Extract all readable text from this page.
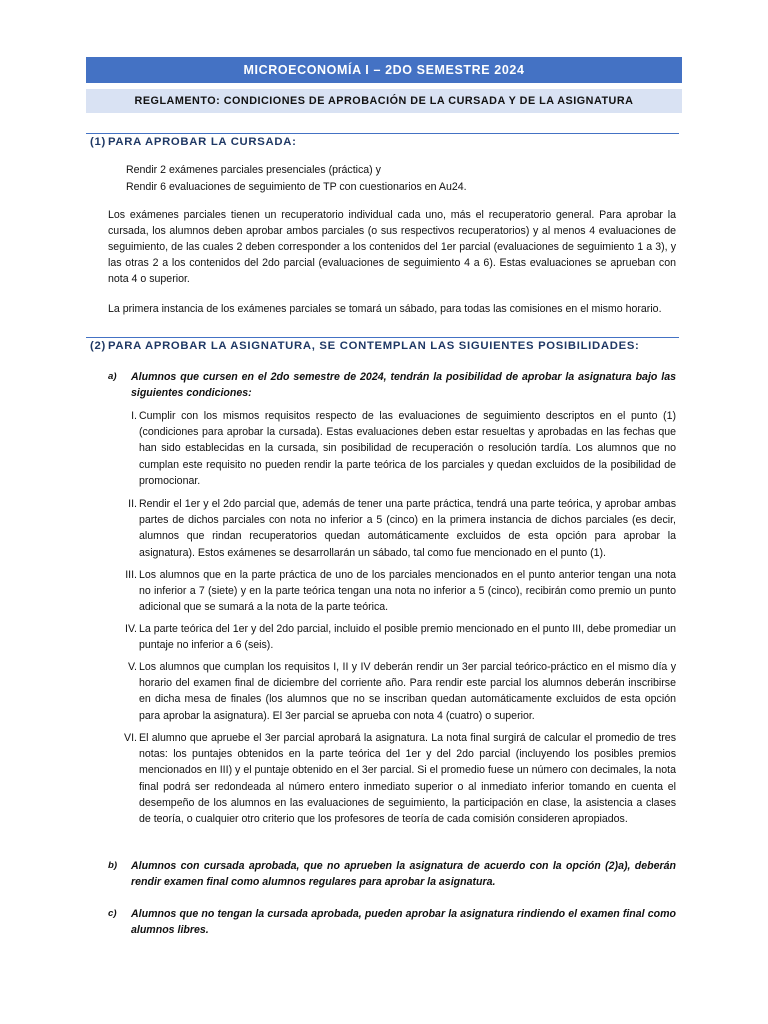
MICROECONOMÍA I – 2DO SEMESTRE 2024
REGLAMENTO: CONDICIONES DE APROBACIÓN DE LA CURSADA Y DE LA ASIGNATURA
(1) PARA APROBAR LA CURSADA:
Rendir 2 exámenes parciales presenciales (práctica) y
Rendir 6 evaluaciones de seguimiento de TP con cuestionarios en Au24.

Los exámenes parciales tienen un recuperatorio individual cada uno, más el recuperatorio general. Para aprobar la cursada, los alumnos deben aprobar ambos parciales (o sus respectivos recuperatorios) y al menos 4 evaluaciones de seguimiento, de las cuales 2 deben corresponder a los contenidos del 1er parcial (evaluaciones de seguimiento 1 a 3), y las otras 2 a los contenidos del 2do parcial (evaluaciones de seguimiento 4 a 6). Estas evaluaciones se aprueban con nota 4 o superior.

La primera instancia de los exámenes parciales se tomará un sábado, para todas las comisiones en el mismo horario.

(2) PARA APROBAR LA ASIGNATURA, SE CONTEMPLAN LAS SIGUIENTES POSIBILIDADES:
a)	Alumnos que cursen en el 2do semestre de 2024, tendrán la posibilidad de aprobar la asignatura bajo las siguientes condiciones:
I. Cumplir con los mismos requisitos respecto de las evaluaciones de seguimiento descriptos en el punto (1) (condiciones para aprobar la cursada). Estas evaluaciones deben estar resueltas y aprobadas en las fechas que han sido establecidas en la cursada, sin posibilidad de recuperación o resolución tardía. Los alumnos que no cumplan este requisito no pueden rendir la parte teórica de los parciales y quedan excluidos de la posibilidad de promocionar.
II. Rendir el 1er y el 2do parcial que, además de tener una parte práctica, tendrá una parte teórica, y aprobar ambas partes de dichos parciales con nota no inferior a 5 (cinco) en la primera instancia de dichos parciales (es decir, alumnos que rindan recuperatorios quedan automáticamente excluidos de esta opción para aprobar la asignatura). Estos exámenes se desarrollarán un sábado, tal como fue mencionado en el punto (1).
III. Los alumnos que en la parte práctica de uno de los parciales mencionados en el punto anterior tengan una nota no inferior a 7 (siete) y en la parte teórica tengan una nota no inferior a 5 (cinco), recibirán como premio un punto adicional que se sumará a la nota de la parte teórica.
IV. La parte teórica del 1er y del 2do parcial, incluido el posible premio mencionado en el punto III, debe promediar un puntaje no inferior a 6 (seis).
V. Los alumnos que cumplan los requisitos I, II y IV deberán rendir un 3er parcial teórico-práctico en el mismo día y horario del examen final de diciembre del corriente año. Para rendir este parcial los alumnos deberán inscribirse en dicha mesa de finales (los alumnos que no se inscriban quedan automáticamente excluidos de esta opción para aprobar la asignatura). El 3er parcial se aprueba con nota 4 (cuatro) o superior.
VI. El alumno que apruebe el 3er parcial aprobará la asignatura. La nota final surgirá de calcular el promedio de tres notas: los puntajes obtenidos en la parte teórica del 1er y del 2do parcial (incluyendo los posibles premios mencionados en III) y el puntaje obtenido en el 3er parcial. Si el promedio fuese un número con decimales, la nota final podrá ser redondeada al número entero inmediato superior o al inmediato inferior tomando en cuenta el desempeño de los alumnos en las evaluaciones de seguimiento, la participación en clase, la asistencia a clases de teoría, o cualquier otro criterio que los profesores de teoría de cada comisión consideren apropiados.
b)	Alumnos con cursada aprobada, que no aprueben la asignatura de acuerdo con la opción (2)a), deberán rendir examen final como alumnos regulares para aprobar la asignatura.
c)	Alumnos que no tengan la cursada aprobada, pueden aprobar la asignatura rindiendo el examen final como alumnos libres.
